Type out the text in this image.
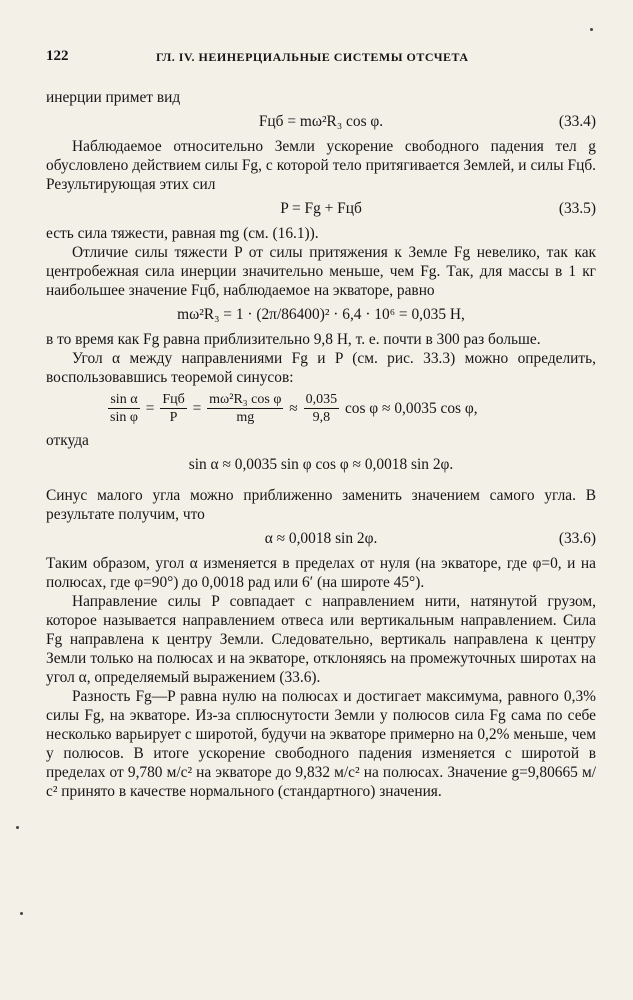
122	ГЛ. IV. НЕИНЕРЦИАЛЬНЫЕ СИСТЕМЫ ОТСЧЕТА

инерции примет вид

Fцб = mω²R₃ cos φ.	(33.4)

Наблюдаемое относительно Земли ускорение свободного падения тел g обусловлено действием силы Fg, с которой тело притягивается Землей, и силы Fцб. Результирующая этих сил

P = Fg + Fцб	(33.5)

есть сила тяжести, равная mg (см. (16.1)).

Отличие силы тяжести P от силы притяжения к Земле Fg невелико, так как центробежная сила инерции значительно меньше, чем Fg. Так, для массы в 1 кг наибольшее значение Fцб, наблюдаемое на экваторе, равно

mω²R₃ = 1 · (2π/86400)² · 6,4 · 10⁶ = 0,035 H,

в то время как Fg равна приблизительно 9,8 H, т. е. почти в 300 раз больше.

Угол α между направлениями Fg и P (см. рис. 33.3) можно определить, воспользовавшись теоремой синусов:

$\frac{\text{sin α}}{\text{sin φ}} = \frac{\text{Fцб}}{P} = \frac{\text{mω²R₃ cos φ}}{mg} \approx \frac{0,035}{9,8}$ cos φ ≈ 0,0035 cos φ,

откуда

sin α ≈ 0,0035 sin φ cos φ ≈ 0,0018 sin 2φ.

Синус малого угла можно приближенно заменить значением самого угла. В результате получим, что

α ≈ 0,0018 sin 2φ.	(33.6)

Таким образом, угол α изменяется в пределах от нуля (на экваторе, где φ=0, и на полюсах, где φ=90°) до 0,0018 рад или 6′ (на широте 45°).

Направление силы P совпадает с направлением нити, натянутой грузом, которое называется направлением отвеса или вертикальным направлением. Сила Fg направлена к центру Земли. Следовательно, вертикаль направлена к центру Земли только на полюсах и на экваторе, отклоняясь на промежуточных широтах на угол α, определяемый выражением (33.6).

Разность Fg—P равна нулю на полюсах и достигает максимума, равного 0,3% силы Fg, на экваторе. Из-за сплюснутости Земли у полюсов сила Fg сама по себе несколько варьирует с широтой, будучи на экваторе примерно на 0,2% меньше, чем у полюсов. В итоге ускорение свободного падения изменяется с широтой в пределах от 9,780 м/с² на экваторе до 9,832 м/с² на полюсах. Значение g=9,80665 м/с² принято в качестве нормального (стандартного) значения.
